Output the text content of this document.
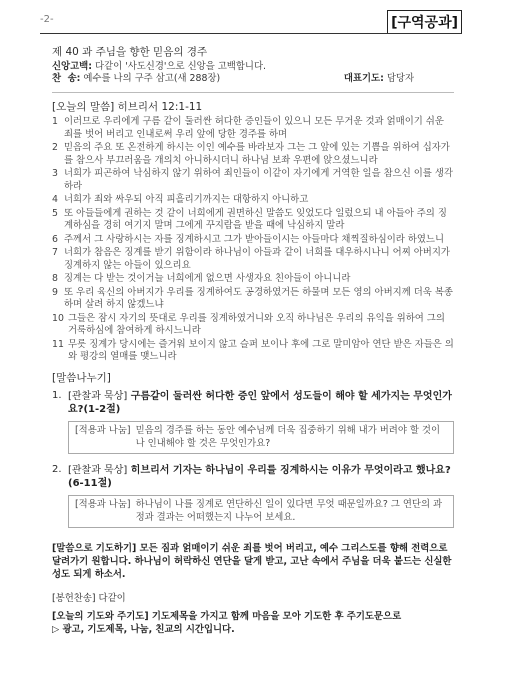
-2-	[구역공과]
제 40 과 주님을 향한 믿음의 경주
신앙고백:
다같이 '사도신경'으로 신앙을 고백합니다.
찬  송:
예수를 나의 구주 삼고(새 288장)	대표기도:
담당자
[오늘의 말씀] 히브리서 12:1-11
1 이러므로 우리에게 구름 같이 둘러싼 허다한 증인들이 있으니 모든 무거운 것과 얽매이기 쉬운 죄를 벗어 버리고 인내로써 우리 앞에 당한 경주를 하며
2 믿음의 주요 또 온전하게 하시는 이인 예수를 바라보자 그는 그 앞에 있는 기쁨을 위하여 십자가를 참으사 부끄러움을 개의치 아니하시더니 하나님 보좌 우편에 앉으셨느니라
3 너희가 피곤하여 낙심하지 않기 위하여 죄인들이 이같이 자기에게 거역한 일을 참으신 이를 생각하라
4 너희가 죄와 싸우되 아직 피흘리기까지는 대항하지 아니하고
5 또 아들들에게 권하는 것 같이 너희에게 권면하신 말씀도 잊었도다 일렀으되 내 아들아 주의 징계하심을 경히 여기지 말며 그에게 꾸지람을 받을 때에 낙심하지 말라
6 주께서 그 사랑하시는 자를 징계하시고 그가 받아들이시는 아들마다 채찍질하심이라 하였느니
7 너희가 참음은 징계를 받기 위함이라 하나님이 아들과 같이 너희를 대우하시나니 어찌 아버지가 징계하지 않는 아들이 있으리요
8 징계는 다 받는 것이거늘 너희에게 없으면 사생자요 친아들이 아니니라
9 또 우리 육신의 아버지가 우리를 징계하여도 공경하였거든 하물며 모든 영의 아버지께 더욱 복종하며 살려 하지 않겠느냐
10 그들은 잠시 자기의 뜻대로 우리를 징계하였거니와 오직 하나님은 우리의 유익을 위하여 그의 거룩하심에 참여하게 하시느니라
11 무릇 징계가 당시에는 즐거워 보이지 않고 슬퍼 보이나 후에 그로 말미암아 연단 받은 자들은 의와 평강의 열매를 맺느니라
[말씀나누기]
1. [관찰과 묵상] 구름같이 둘러싼 허다한 증인 앞에서 성도들이 해야 할 세가지는 무엇인가요?(1-2절)
[적용과 나눔] 믿음의 경주를 하는 동안 예수님께 더욱 집중하기 위해 내가 버려야 할 것이나 인내해야 할 것은 무엇인가요?
2. [관찰과 묵상] 히브리서 기자는 하나님이 우리를 징계하시는 이유가 무엇이라고 했나요?(6-11절)
[적용과 나눔] 하나님이 나를 징계로 연단하신 일이 있다면 무엇 때문일까요? 그 연단의 과정과 결과는 어떠했는지 나누어 보세요.
[말씀으로 기도하기] 모든 짐과 얽매이기 쉬운 죄를 벗어 버리고, 예수 그리스도를 향해 전력으로 달려가기 원합니다. 하나님이 허락하신 연단을 달게 받고, 고난 속에서 주님을 더욱 붙드는 신실한 성도 되게 하소서.
[봉헌찬송] 다같이
[오늘의 기도와 주기도] 기도제목을 가지고 함께 마음을 모아 기도한 후 주기도문으로
▷ 광고, 기도제목, 나눔, 친교의 시간입니다.
